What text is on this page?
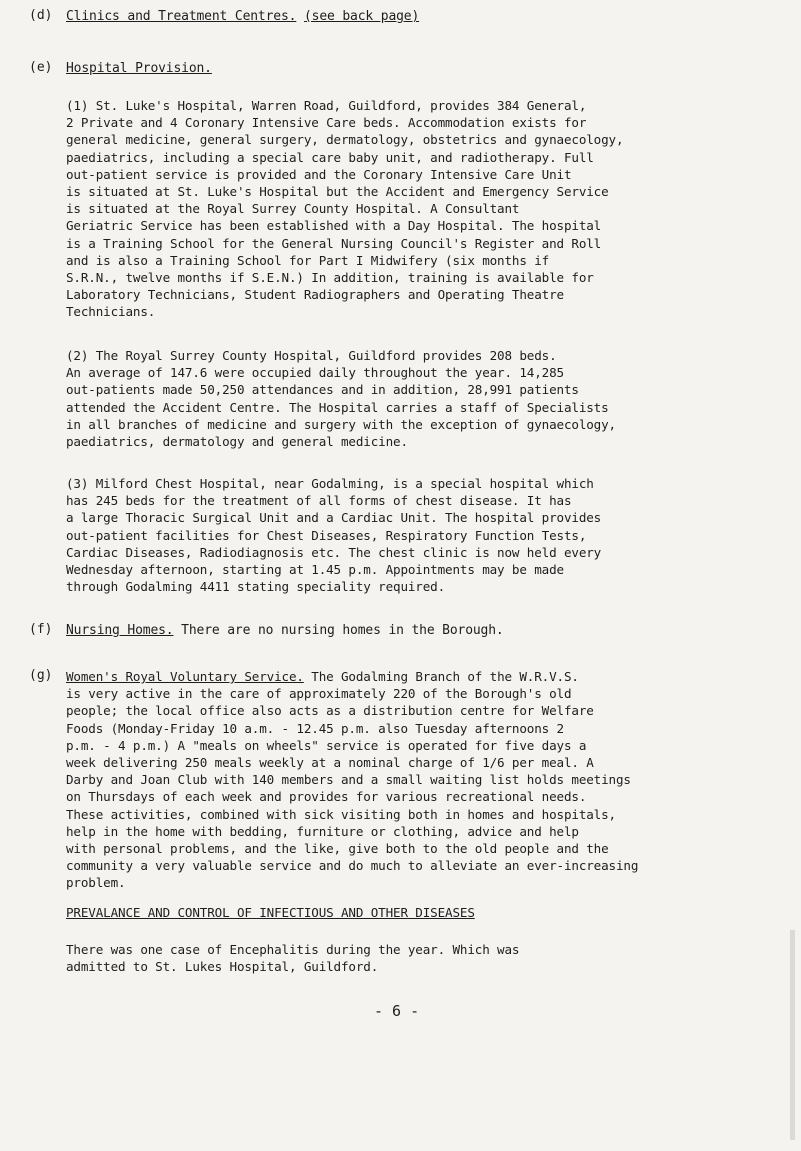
(d) Clinics and Treatment Centres. (see back page)
(e) Hospital Provision.
(1) St. Luke's Hospital, Warren Road, Guildford, provides 384 General,
2 Private and 4 Coronary Intensive Care beds. Accommodation exists for
general medicine, general surgery, dermatology, obstetrics and gynaecology,
paediatrics, including a special care baby unit, and radiotherapy. Full
out-patient service is provided and the Coronary Intensive Care Unit
is situated at St. Luke's Hospital but the Accident and Emergency Service
is situated at the Royal Surrey County Hospital. A Consultant
Geriatric Service has been established with a Day Hospital. The hospital
is a Training School for the General Nursing Council's Register and Roll
and is also a Training School for Part I Midwifery (six months if
S.R.N., twelve months if S.E.N.) In addition, training is available for
Laboratory Technicians, Student Radiographers and Operating Theatre
Technicians.
(2) The Royal Surrey County Hospital, Guildford provides 208 beds.
An average of 147.6 were occupied daily throughout the year. 14,285
out-patients made 50,250 attendances and in addition, 28,991 patients
attended the Accident Centre. The Hospital carries a staff of Specialists
in all branches of medicine and surgery with the exception of gynaecology,
paediatrics, dermatology and general medicine.
(3) Milford Chest Hospital, near Godalming, is a special hospital which
has 245 beds for the treatment of all forms of chest disease. It has
a large Thoracic Surgical Unit and a Cardiac Unit. The hospital provides
out-patient facilities for Chest Diseases, Respiratory Function Tests,
Cardiac Diseases, Radiodiagnosis etc. The chest clinic is now held every
Wednesday afternoon, starting at 1.45 p.m. Appointments may be made
through Godalming 4411 stating speciality required.
(f) Nursing Homes. There are no nursing homes in the Borough.
(g) Women's Royal Voluntary Service. The Godalming Branch of the W.R.V.S.
is very active in the care of approximately 220 of the Borough's old
people; the local office also acts as a distribution centre for Welfare
Foods (Monday-Friday 10 a.m. - 12.45 p.m. also Tuesday afternoons 2
p.m. - 4 p.m.) A "meals on wheels" service is operated for five days a
week delivering 250 meals weekly at a nominal charge of 1/6 per meal. A
Darby and Joan Club with 140 members and a small waiting list holds meetings
on Thursdays of each week and provides for various recreational needs.
These activities, combined with sick visiting both in homes and hospitals,
help in the home with bedding, furniture or clothing, advice and help
with personal problems, and the like, give both to the old people and the
community a very valuable service and do much to alleviate an ever-increasing
problem.
PREVALANCE AND CONTROL OF INFECTIOUS AND OTHER DISEASES
There was one case of Encephalitis during the year. Which was
admitted to St. Lukes Hospital, Guildford.
- 6 -
